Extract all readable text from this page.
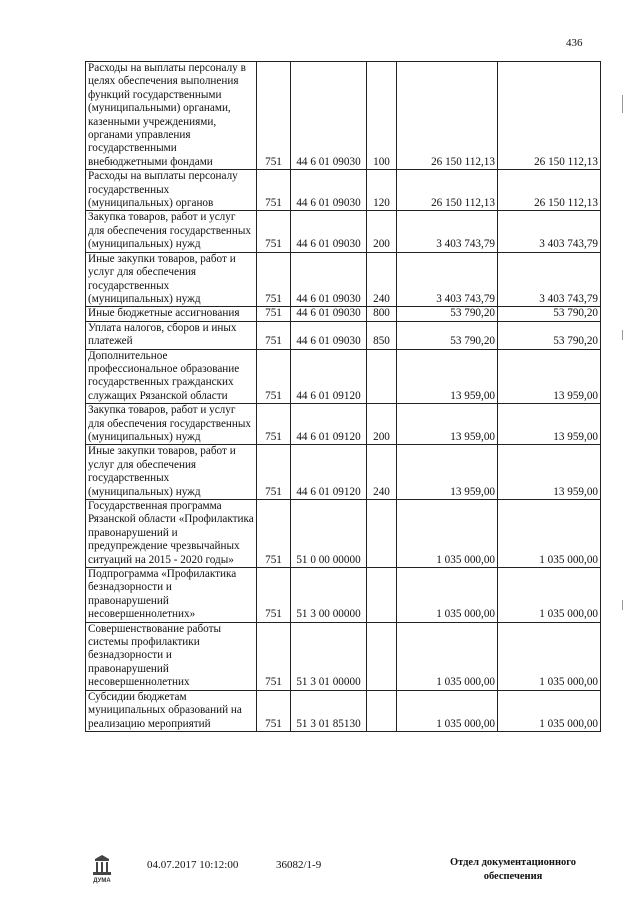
436
Расходы на выплаты персоналу в целях обеспечения выполнения функций государственными (муниципальными) органами, казенными учреждениями, органами управления государственными внебюджетными фондами	751	44 6 01 09030	100	26 150 112,13	26 150 112,13
Расходы на выплаты персоналу государственных (муниципальных) органов	751	44 6 01 09030	120	26 150 112,13	26 150 112,13
Закупка товаров, работ и услуг для обеспечения государственных (муниципальных) нужд	751	44 6 01 09030	200	3 403 743,79	3 403 743,79
Иные закупки товаров, работ и услуг для обеспечения государственных (муниципальных) нужд	751	44 6 01 09030	240	3 403 743,79	3 403 743,79
Иные бюджетные ассигнования	751	44 6 01 09030	800	53 790,20	53 790,20
Уплата налогов, сборов и иных платежей	751	44 6 01 09030	850	53 790,20	53 790,20
Дополнительное профессиональное образование государственных гражданских служащих Рязанской области	751	44 6 01 09120		13 959,00	13 959,00
Закупка товаров, работ и услуг для обеспечения государственных (муниципальных) нужд	751	44 6 01 09120	200	13 959,00	13 959,00
Иные закупки товаров, работ и услуг для обеспечения государственных (муниципальных) нужд	751	44 6 01 09120	240	13 959,00	13 959,00
Государственная программа Рязанской области «Профилактика правонарушений и предупреждение чрезвычайных ситуаций на 2015 - 2020 годы»	751	51 0 00 00000		1 035 000,00	1 035 000,00
Подпрограмма «Профилактика безнадзорности и правонарушений несовершеннолетних»	751	51 3 00 00000		1 035 000,00	1 035 000,00
Совершенствование работы системы профилактики безнадзорности и правонарушений несовершеннолетних	751	51 3 01 00000		1 035 000,00	1 035 000,00
Субсидии бюджетам муниципальных образований на реализацию мероприятий	751	51 3 01 85130		1 035 000,00	1 035 000,00
ДУМА
04.07.2017 10:12:00	36082/1-9	Отдел документационного
обеспечения
